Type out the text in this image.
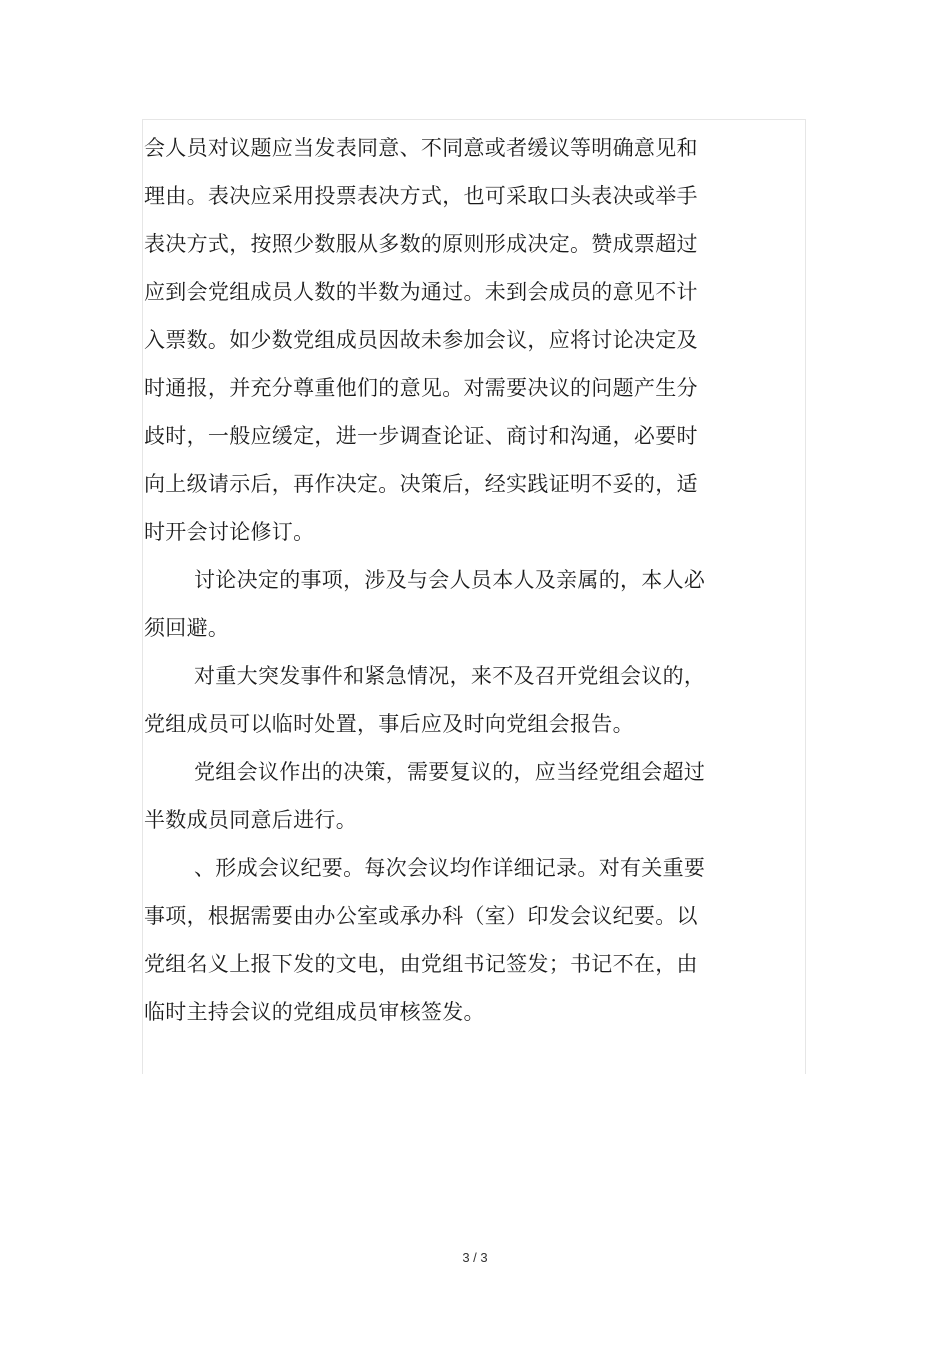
会人员对议题应当发表同意、不同意或者缓议等明确意见和
理由。表决应采用投票表决方式，也可采取口头表决或举手
表决方式，按照少数服从多数的原则形成决定。赞成票超过
应到会党组成员人数的半数为通过。未到会成员的意见不计
入票数。如少数党组成员因故未参加会议，应将讨论决定及
时通报，并充分尊重他们的意见。对需要决议的问题产生分
歧时，一般应缓定，进一步调查论证、商讨和沟通，必要时
向上级请示后，再作决定。决策后，经实践证明不妥的，适
时开会讨论修订。
讨论决定的事项，涉及与会人员本人及亲属的，本人必
须回避。
对重大突发事件和紧急情况，来不及召开党组会议的，
党组成员可以临时处置，事后应及时向党组会报告。
党组会议作出的决策，需要复议的，应当经党组会超过
半数成员同意后进行。
、形成会议纪要。每次会议均作详细记录。对有关重要
事项，根据需要由办公室或承办科（室）印发会议纪要。以
党组名义上报下发的文电，由党组书记签发；书记不在，由
临时主持会议的党组成员审核签发。
3 / 3
